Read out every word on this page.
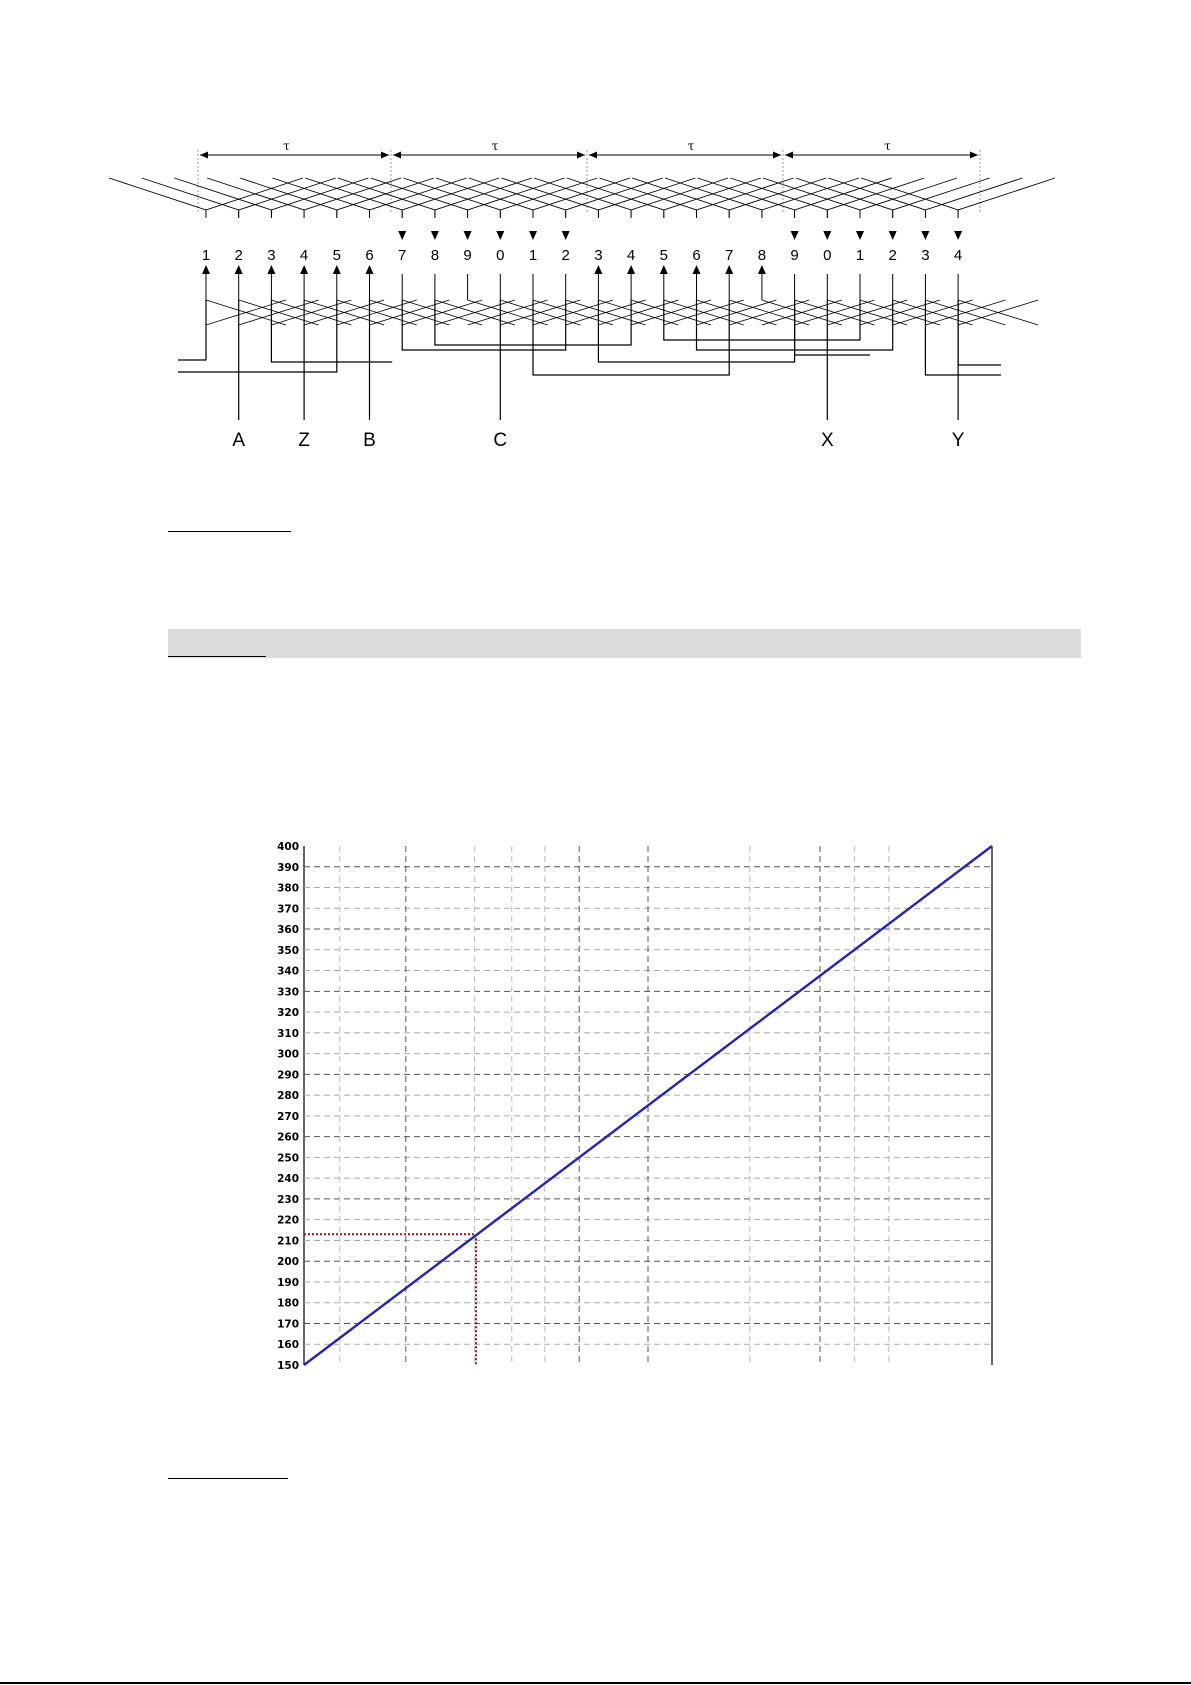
τ	τ	τ	τ
1 2 3 4 5 6 7 8 9 0 1 2 3 4 5 6 7 8 9 0 1 2 3 4
A	Z	B	C	X	Y
150
160
170
180
190
200
210
220
230
240
250
260
270
280
290
300
310
320
330
340
350
360
370
380
390
400
